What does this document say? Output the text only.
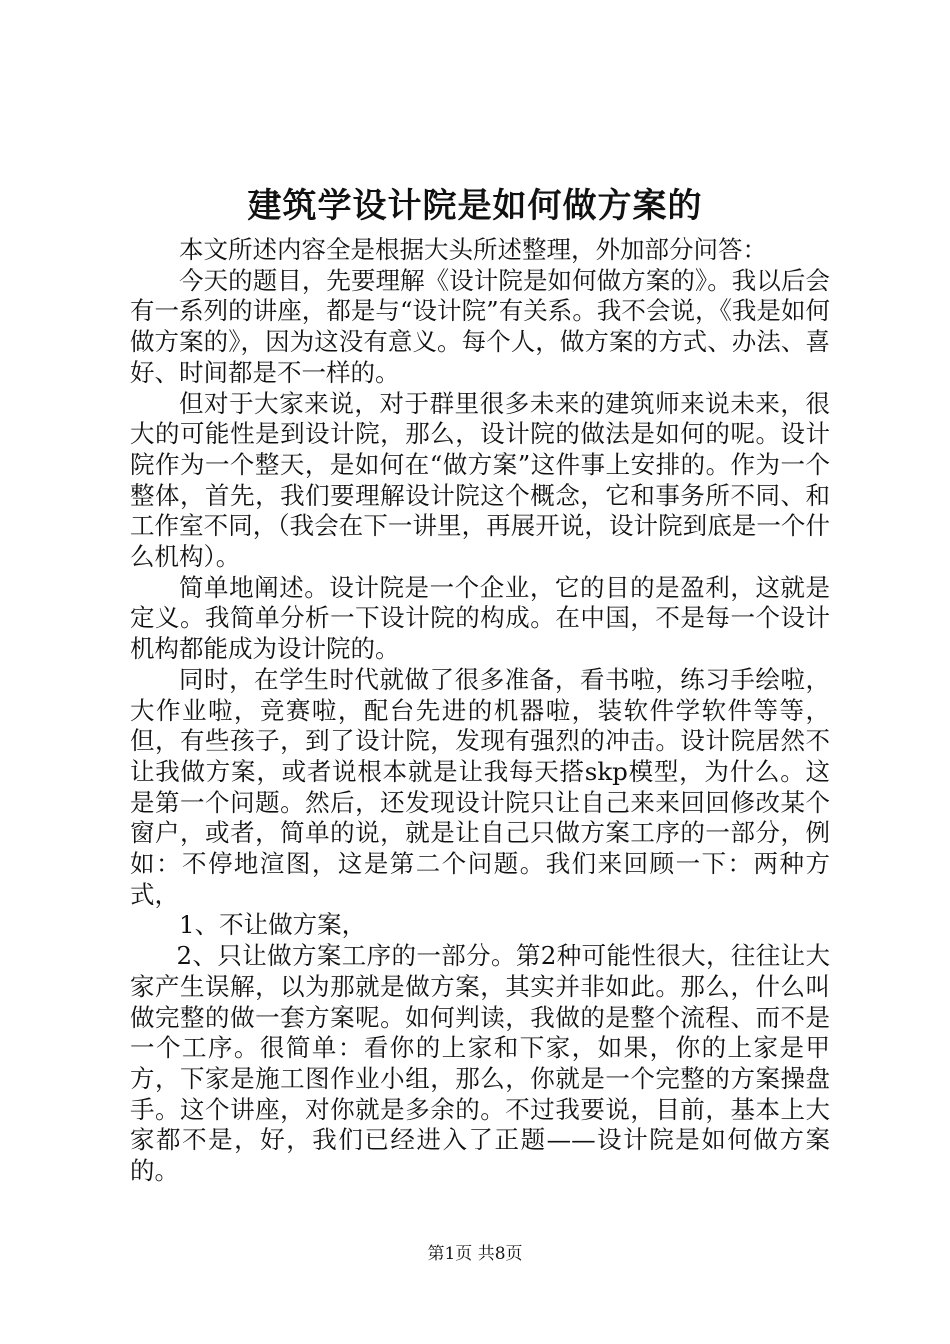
建筑学设计院是如何做方案的

本文所述内容全是根据大头所述整理，外加部分问答：

今天的题目，先要理解《设计院是如何做方案的》。我以后会有一系列的讲座，都是与“设计院”有关系。我不会说，《我是如何做方案的》，因为这没有意义。每个人，做方案的方式、办法、喜好、时间都是不一样的。

但对于大家来说，对于群里很多未来的建筑师来说未来，很大的可能性是到设计院，那么，设计院的做法是如何的呢。设计院作为一个整天，是如何在“做方案”这件事上安排的。作为一个整体，首先，我们要理解设计院这个概念，它和事务所不同、和工作室不同，（我会在下一讲里，再展开说，设计院到底是一个什么机构）。

简单地阐述。设计院是一个企业，它的目的是盈利，这就是定义。我简单分析一下设计院的构成。在中国，不是每一个设计机构都能成为设计院的。

同时，在学生时代就做了很多准备，看书啦，练习手绘啦，大作业啦，竞赛啦，配台先进的机器啦，装软件学软件等等，但，有些孩子，到了设计院，发现有强烈的冲击。设计院居然不让我做方案，或者说根本就是让我每天搭skp模型，为什么。这是第一个问题。然后，还发现设计院只让自己来来回回修改某个窗户，或者，简单的说，就是让自己只做方案工序的一部分，例如：不停地渲图，这是第二个问题。我们来回顾一下：两种方式，

1、不让做方案，

2、只让做方案工序的一部分。第2种可能性很大，往往让大家产生误解，以为那就是做方案，其实并非如此。那么，什么叫做完整的做一套方案呢。如何判读，我做的是整个流程、而不是一个工序。很简单：看你的上家和下家，如果，你的上家是甲方，下家是施工图作业小组，那么，你就是一个完整的方案操盘手。这个讲座，对你就是多余的。不过我要说，目前，基本上大家都不是，好，我们已经进入了正题——设计院是如何做方案的。

第1页 共8页
